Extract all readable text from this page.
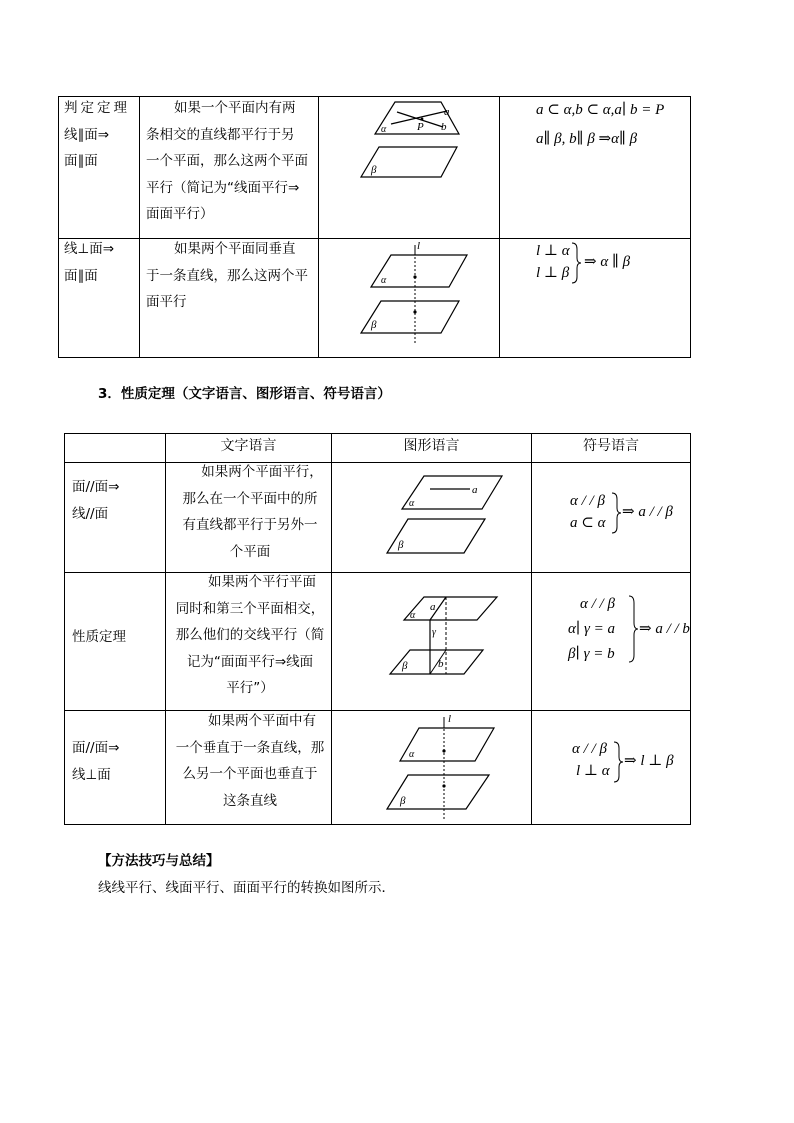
判定定理
线∥面⇒
面∥面
如果一个平面内有两
条相交的直线都平行于另
一个平面，那么这两个平面
平行（简记为“线面平行⇒
面面平行）
a
b
P
α
β
a ⊂ α,b ⊂ α,a∣ b = P
a∥ β, b∥ β ⇒α∥ β
线⊥面⇒
面∥面
如果两个平面同垂直
于一条直线，那么这两个平
面平行
l
α
β
l ⊥ α
l ⊥ β
⇒ α ∥ β
3．性质定理（文字语言、图形语言、符号语言）
文字语言	图形语言	符号语言
面//面⇒
线//面
如果两个平面平行，
那么在一个平面中的所
有直线都平行于另外一
个平面
a
α
β
α / / β
a ⊂ α
⇒ a / / β
性质定理
如果两个平行平面
同时和第三个平面相交，
那么他们的交线平行（简
记为“面面平行⇒线面
平行”）
a
α
γ
b
β
α / / β
α∣ γ = a
β∣ γ = b
⇒ a / / b
面//面⇒
线⊥面
如果两个平面中有
一个垂直于一条直线，那
么另一个平面也垂直于
这条直线
l
α
β
α / / β
l ⊥ α
⇒ l ⊥ β
【方法技巧与总结】
线线平行、线面平行、面面平行的转换如图所示．
